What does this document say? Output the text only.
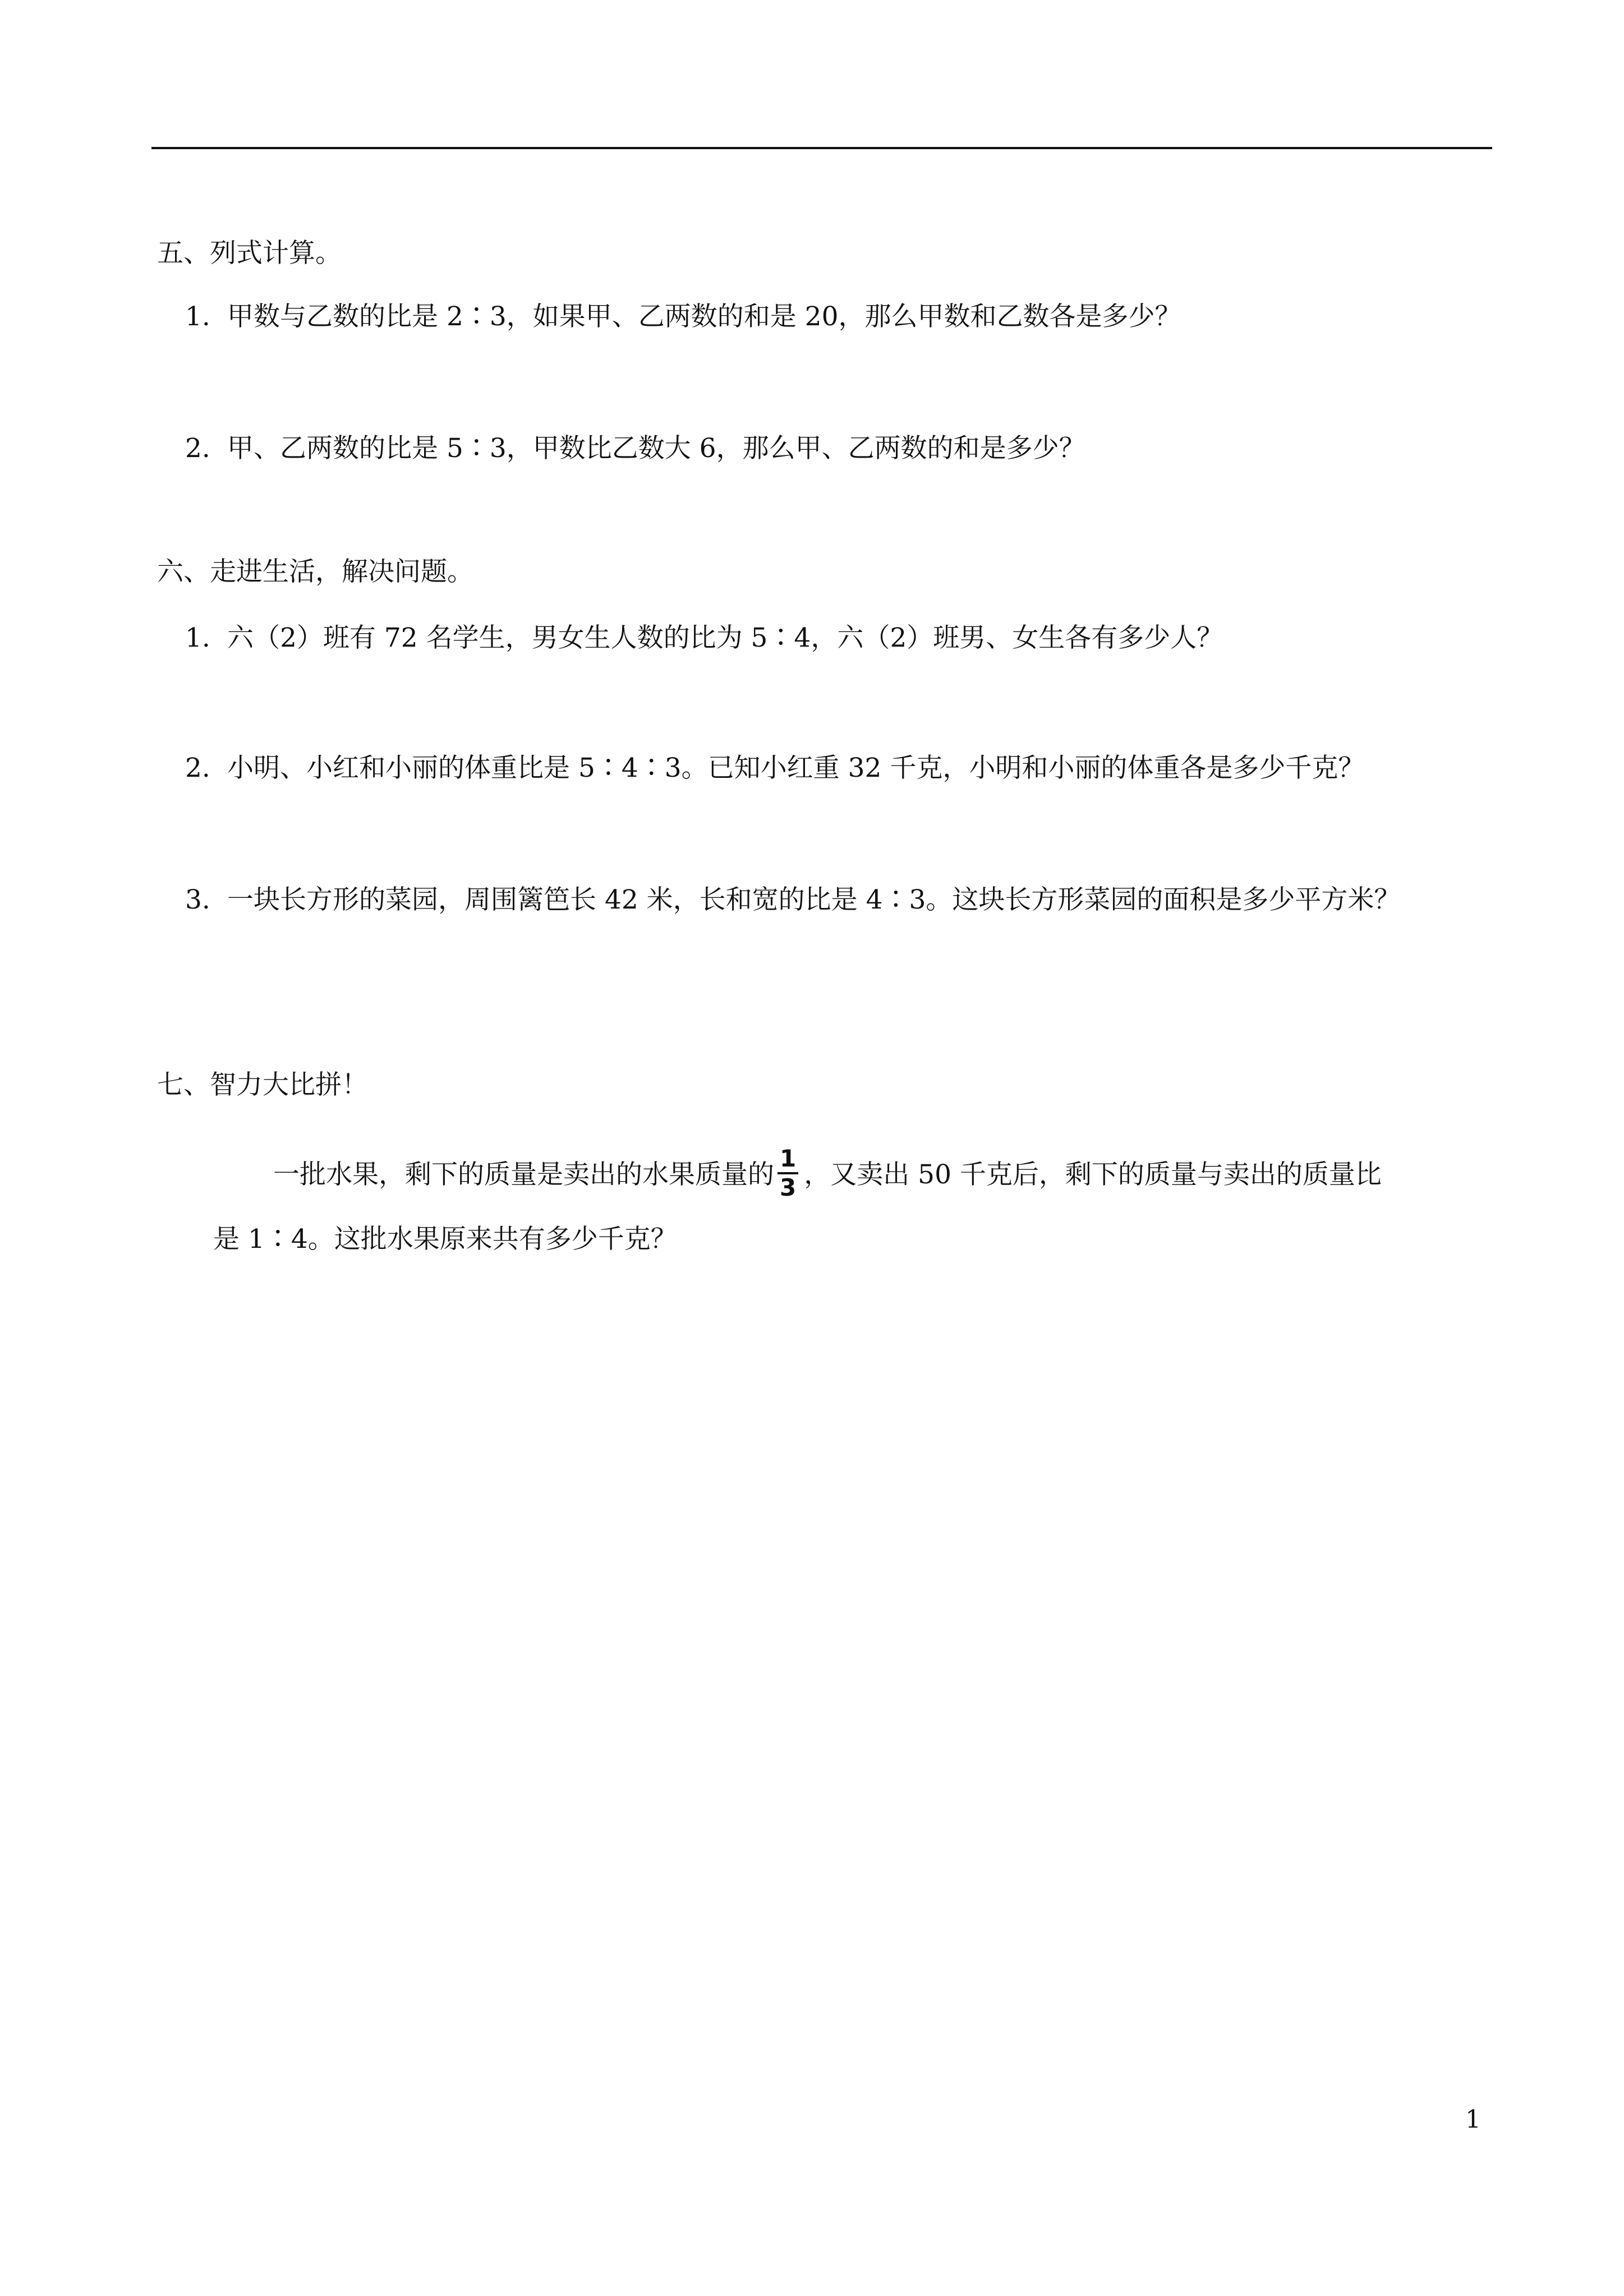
五、列式计算。
1. 甲数与乙数的比是 2∶3，如果甲、乙两数的和是 20，那么甲数和乙数各是多少？
2. 甲、乙两数的比是 5∶3，甲数比乙数大 6，那么甲、乙两数的和是多少？
六、走进生活，解决问题。
1. 六（2）班有 72 名学生，男女生人数的比为 5∶4，六（2）班男、女生各有多少人？
2. 小明、小红和小丽的体重比是 5∶4∶3。已知小红重 32 千克，小明和小丽的体重各是多少千克？
3. 一块长方形的菜园，周围篱笆长 42 米，长和宽的比是 4∶3。这块长方形菜园的面积是多少平方米？
七、智力大比拼！
一批水果，剩下的质量是卖出的水果质量的 $\frac{1}{3}$ ，又卖出 50 千克后，剩下的质量与卖出的质量比
是 1∶4。这批水果原来共有多少千克？
1
